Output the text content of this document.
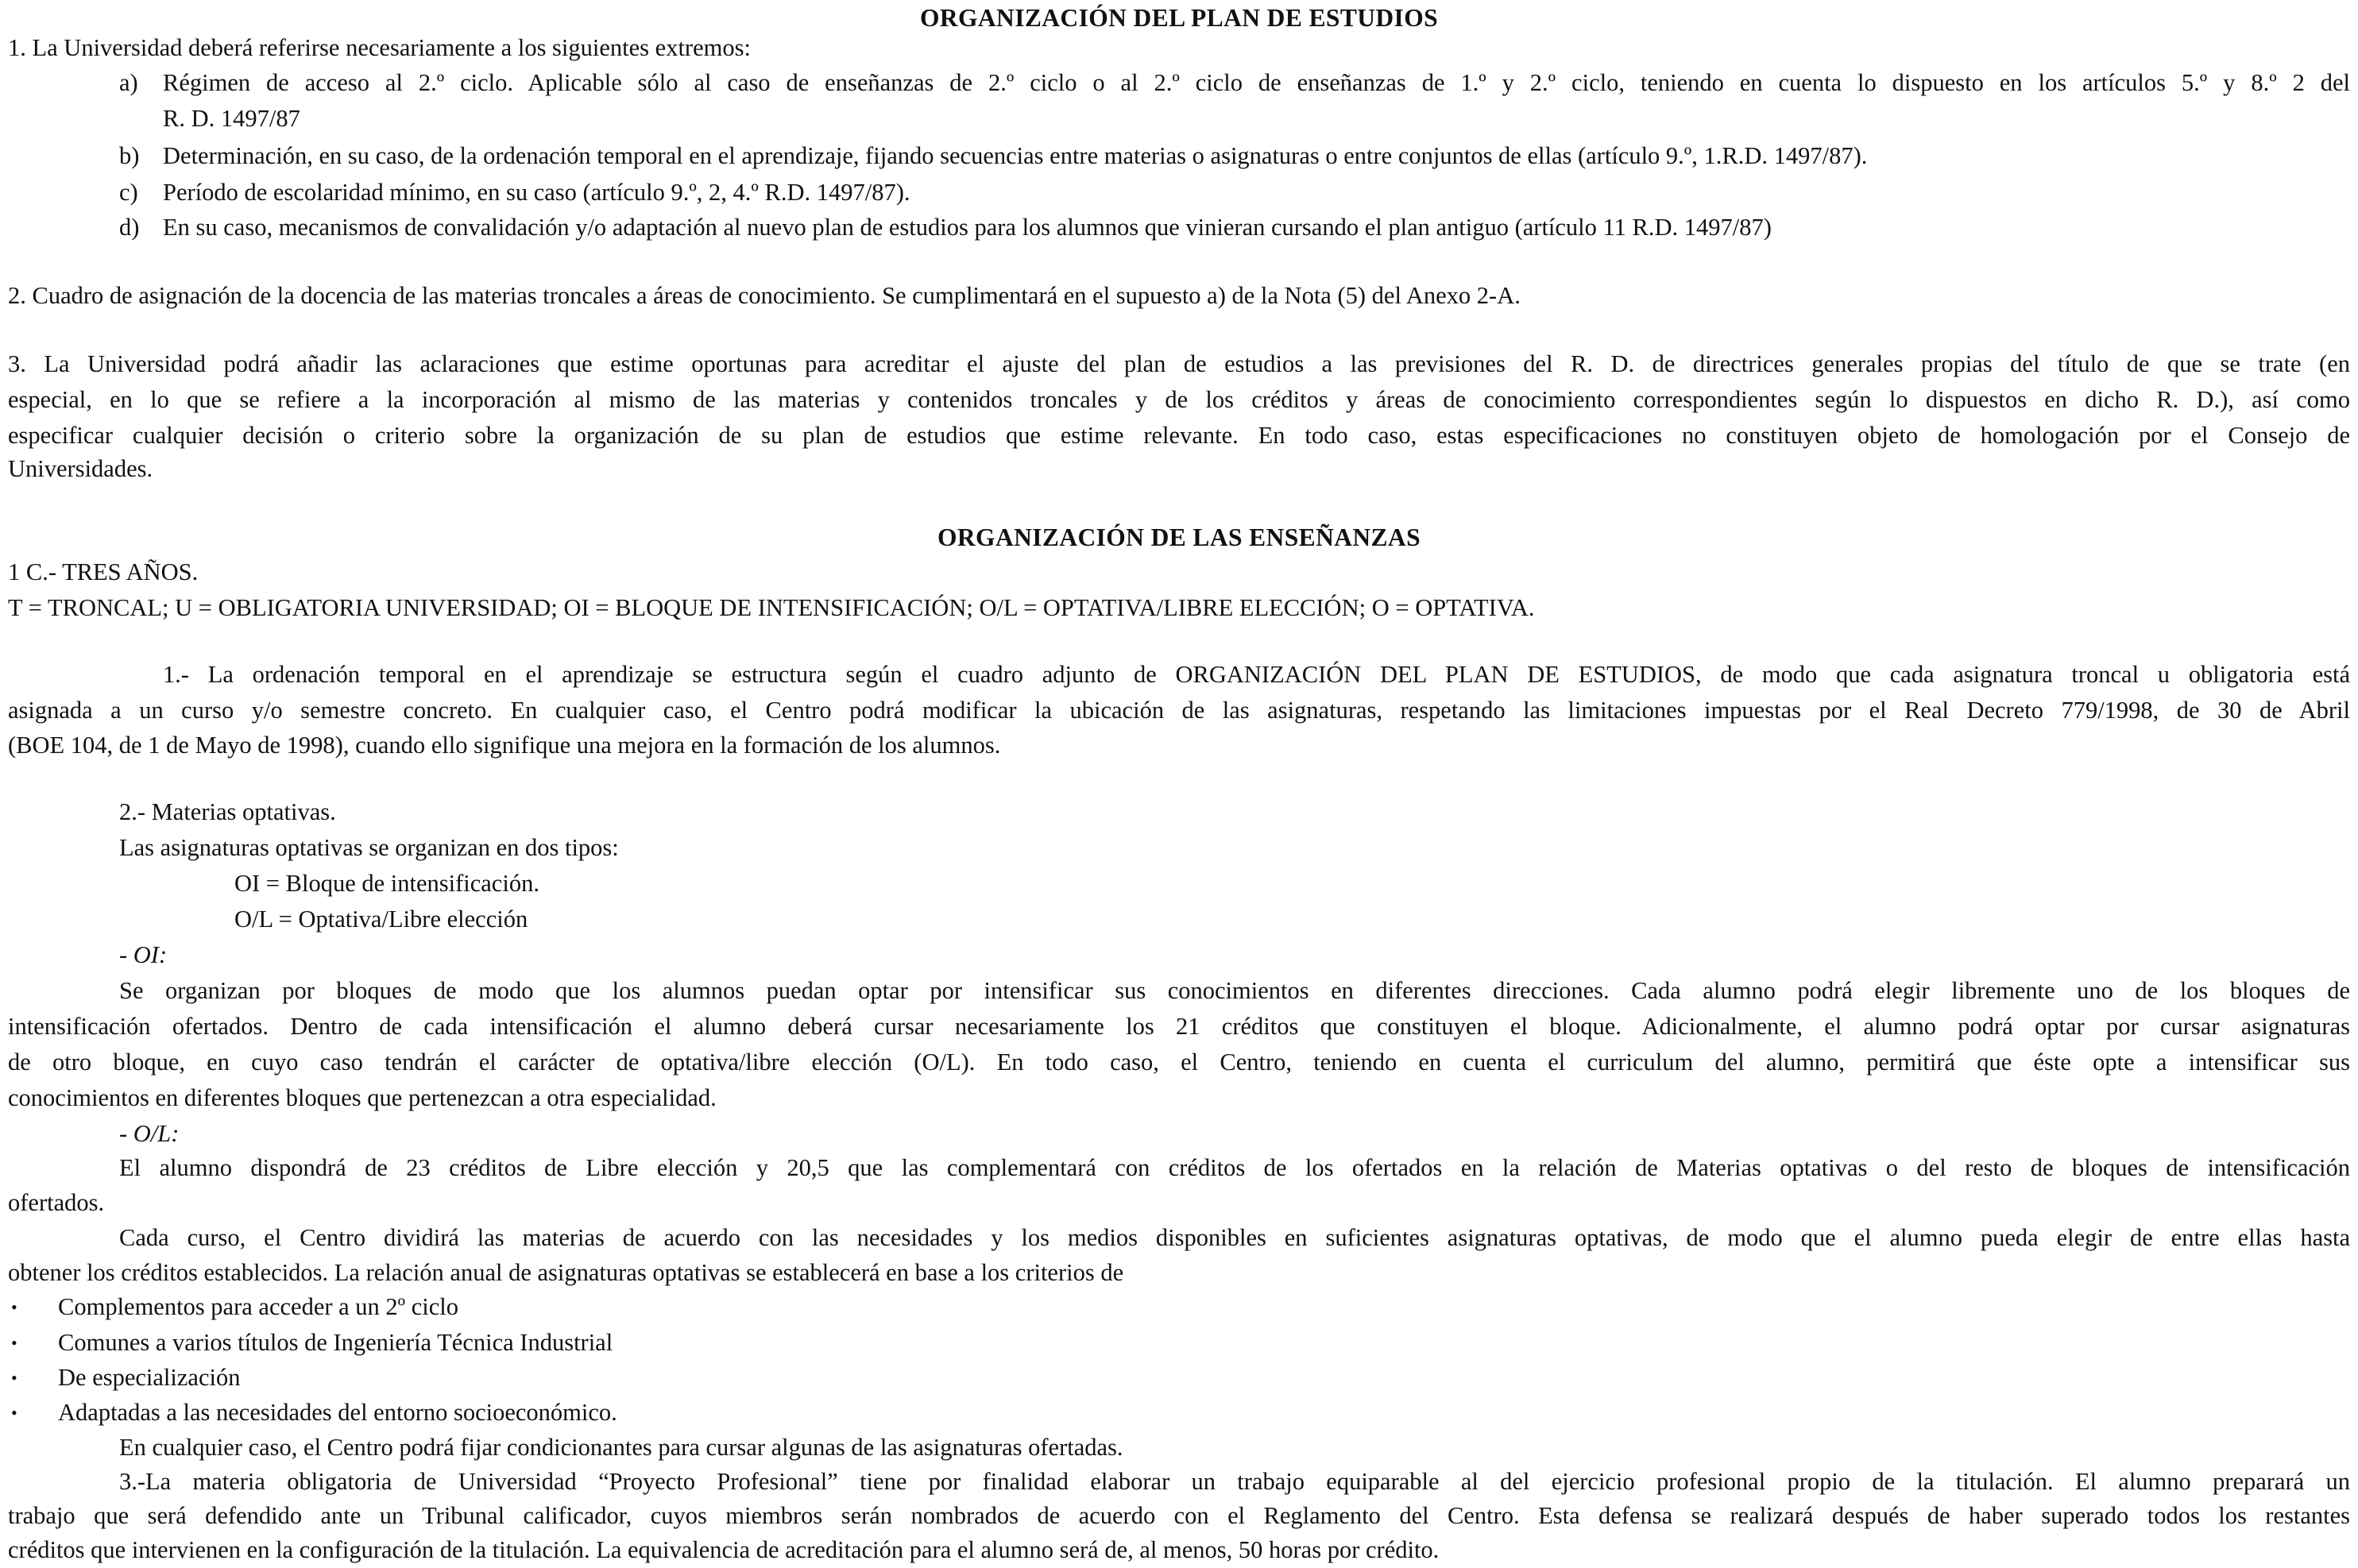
ORGANIZACIÓN DEL PLAN DE ESTUDIOS
1. La Universidad deberá referirse necesariamente a los siguientes extremos:
a) Régimen de acceso al 2.º ciclo. Aplicable sólo al caso de enseñanzas de 2.º ciclo o al 2.º ciclo de enseñanzas de 1.º y 2.º ciclo, teniendo en cuenta lo dispuesto en los artículos 5.º y 8.º 2 del
R. D. 1497/87
b) Determinación, en su caso, de la ordenación temporal en el aprendizaje, fijando secuencias entre materias o asignaturas o entre conjuntos de ellas (artículo 9.º, 1.R.D. 1497/87).
c) Período de escolaridad mínimo, en su caso (artículo 9.º, 2, 4.º R.D. 1497/87).
d) En su caso, mecanismos de convalidación y/o adaptación al nuevo plan de estudios para los alumnos que vinieran cursando el plan antiguo (artículo 11 R.D. 1497/87)
2. Cuadro de asignación de la docencia de las materias troncales a áreas de conocimiento. Se cumplimentará en el supuesto a) de la Nota (5) del Anexo 2-A.
3. La Universidad podrá añadir las aclaraciones que estime oportunas para acreditar el ajuste del plan de estudios a las previsiones del R. D. de directrices generales propias del título de que se trate (en
especial, en lo que se refiere a la incorporación al mismo de las materias y contenidos troncales y de los créditos y áreas de conocimiento correspondientes según lo dispuestos en dicho R. D.), así como
especificar cualquier decisión o criterio sobre la organización de su plan de estudios que estime relevante. En todo caso, estas especificaciones no constituyen objeto de homologación por el Consejo de
Universidades.
ORGANIZACIÓN DE LAS ENSEÑANZAS
1 C.- TRES AÑOS.
T = TRONCAL; U = OBLIGATORIA UNIVERSIDAD; OI = BLOQUE DE INTENSIFICACIÓN; O/L = OPTATIVA/LIBRE ELECCIÓN; O = OPTATIVA.
1.- La ordenación temporal en el aprendizaje se estructura según el cuadro adjunto de ORGANIZACIÓN DEL PLAN DE ESTUDIOS, de modo que cada asignatura troncal u obligatoria está
asignada a un curso y/o semestre concreto. En cualquier caso, el Centro podrá modificar la ubicación de las asignaturas, respetando las limitaciones impuestas por el Real Decreto 779/1998, de 30 de Abril
(BOE 104, de 1 de Mayo de 1998), cuando ello signifique una mejora en la formación de los alumnos.
2.- Materias optativas.
Las asignaturas optativas se organizan en dos tipos:
OI = Bloque de intensificación.
O/L = Optativa/Libre elección
- OI:
Se organizan por bloques de modo que los alumnos puedan optar por intensificar sus conocimientos en diferentes direcciones. Cada alumno podrá elegir libremente uno de los bloques de
intensificación ofertados. Dentro de cada intensificación el alumno deberá cursar necesariamente los 21 créditos que constituyen el bloque. Adicionalmente, el alumno podrá optar por cursar asignaturas
de otro bloque, en cuyo caso tendrán el carácter de optativa/libre elección (O/L). En todo caso, el Centro, teniendo en cuenta el curriculum del alumno, permitirá que éste opte a intensificar sus
conocimientos en diferentes bloques que pertenezcan a otra especialidad.
- O/L:
El alumno dispondrá de 23 créditos de Libre elección y 20,5 que las complementará con créditos de los ofertados en la relación de Materias optativas o del resto de bloques de intensificación
ofertados.
Cada curso, el Centro dividirá las materias de acuerdo con las necesidades y los medios disponibles en suficientes asignaturas optativas, de modo que el alumno pueda elegir de entre ellas hasta
obtener los créditos establecidos. La relación anual de asignaturas optativas se establecerá en base a los criterios de
• Complementos para acceder a un 2º ciclo
• Comunes a varios títulos de Ingeniería Técnica Industrial
• De especialización
• Adaptadas a las necesidades del entorno socioeconómico.
En cualquier caso, el Centro podrá fijar condicionantes para cursar algunas de las asignaturas ofertadas.
3.-La materia obligatoria de Universidad “Proyecto Profesional” tiene por finalidad elaborar un trabajo equiparable al del ejercicio profesional propio de la titulación. El alumno preparará un
trabajo que será defendido ante un Tribunal calificador, cuyos miembros serán nombrados de acuerdo con el Reglamento del Centro. Esta defensa se realizará después de haber superado todos los restantes
créditos que intervienen en la configuración de la titulación. La equivalencia de acreditación para el alumno será de, al menos, 50 horas por crédito.
